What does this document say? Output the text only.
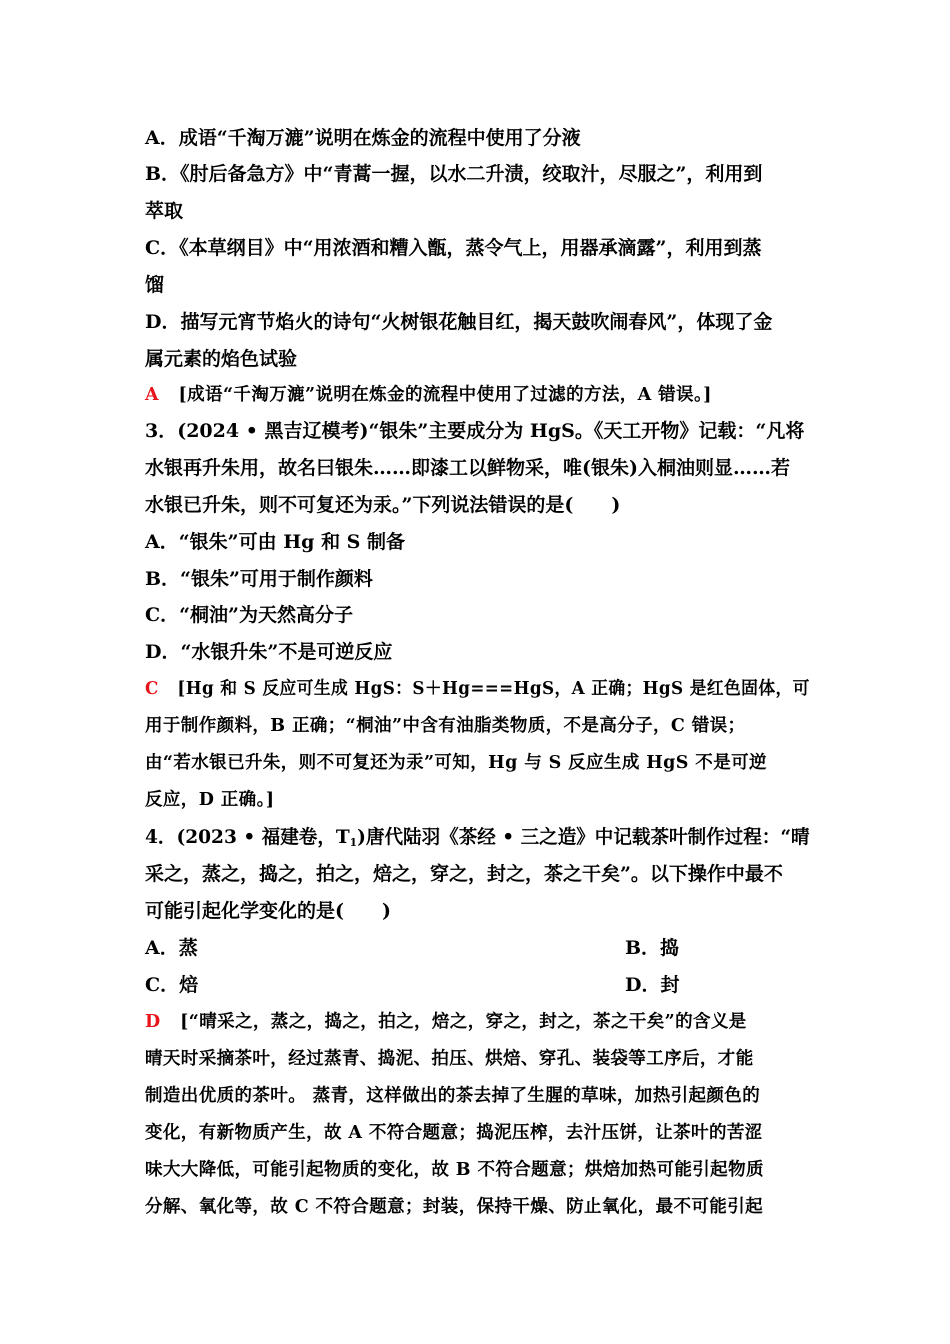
A．成语“千淘万漉”说明在炼金的流程中使用了分液
B．《肘后备急方》中“青蒿一握，以水二升渍，绞取汁，尽服之”，利用到
萃取
C．《本草纲目》中“用浓酒和糟入甑，蒸令气上，用器承滴露”，利用到蒸
馏
D．描写元宵节焰火的诗句“火树银花触目红，揭天鼓吹闹春风”，体现了金
属元素的焰色试验
A [成语“千淘万漉”说明在炼金的流程中使用了过滤的方法，A 错误。]
3．(2024 • 黑吉辽模考)“银朱”主要成分为 HgS。《天工开物》记载：“凡将
水银再升朱用，故名曰银朱……即漆工以鲜物采，唯(银朱)入桐油则显……若
水银已升朱，则不可复还为汞。”下列说法错误的是(　　)
A．“银朱”可由 Hg 和 S 制备
B．“银朱”可用于制作颜料
C．“桐油”为天然高分子
D．“水银升朱”不是可逆反应
C [Hg 和 S 反应可生成 HgS：S＋Hg===HgS，A 正确；HgS 是红色固体，可
用于制作颜料，B 正确；“桐油”中含有油脂类物质，不是高分子，C 错误；
由“若水银已升朱，则不可复还为汞”可知，Hg 与 S 反应生成 HgS 不是可逆
反应，D 正确。]
4．(2023 • 福建卷，$T_1$)唐代陆羽《茶经 • 三之造》中记载茶叶制作过程：“晴
采之，蒸之，捣之，拍之，焙之，穿之，封之，茶之干矣”。以下操作中最不
可能引起化学变化的是(　　)
A．蒸	B．捣
C．焙	D．封
D [“晴采之，蒸之，捣之，拍之，焙之，穿之，封之，茶之干矣”的含义是
晴天时采摘茶叶，经过蒸青、捣泥、拍压、烘焙、穿孔、装袋等工序后，才能
制造出优质的茶叶。 蒸青，这样做出的茶去掉了生腥的草味，加热引起颜色的
变化，有新物质产生，故 A 不符合题意；捣泥压榨，去汁压饼，让茶叶的苦涩
味大大降低，可能引起物质的变化，故 B 不符合题意；烘焙加热可能引起物质
分解、氧化等，故 C 不符合题意；封装，保持干燥、防止氧化，最不可能引起
